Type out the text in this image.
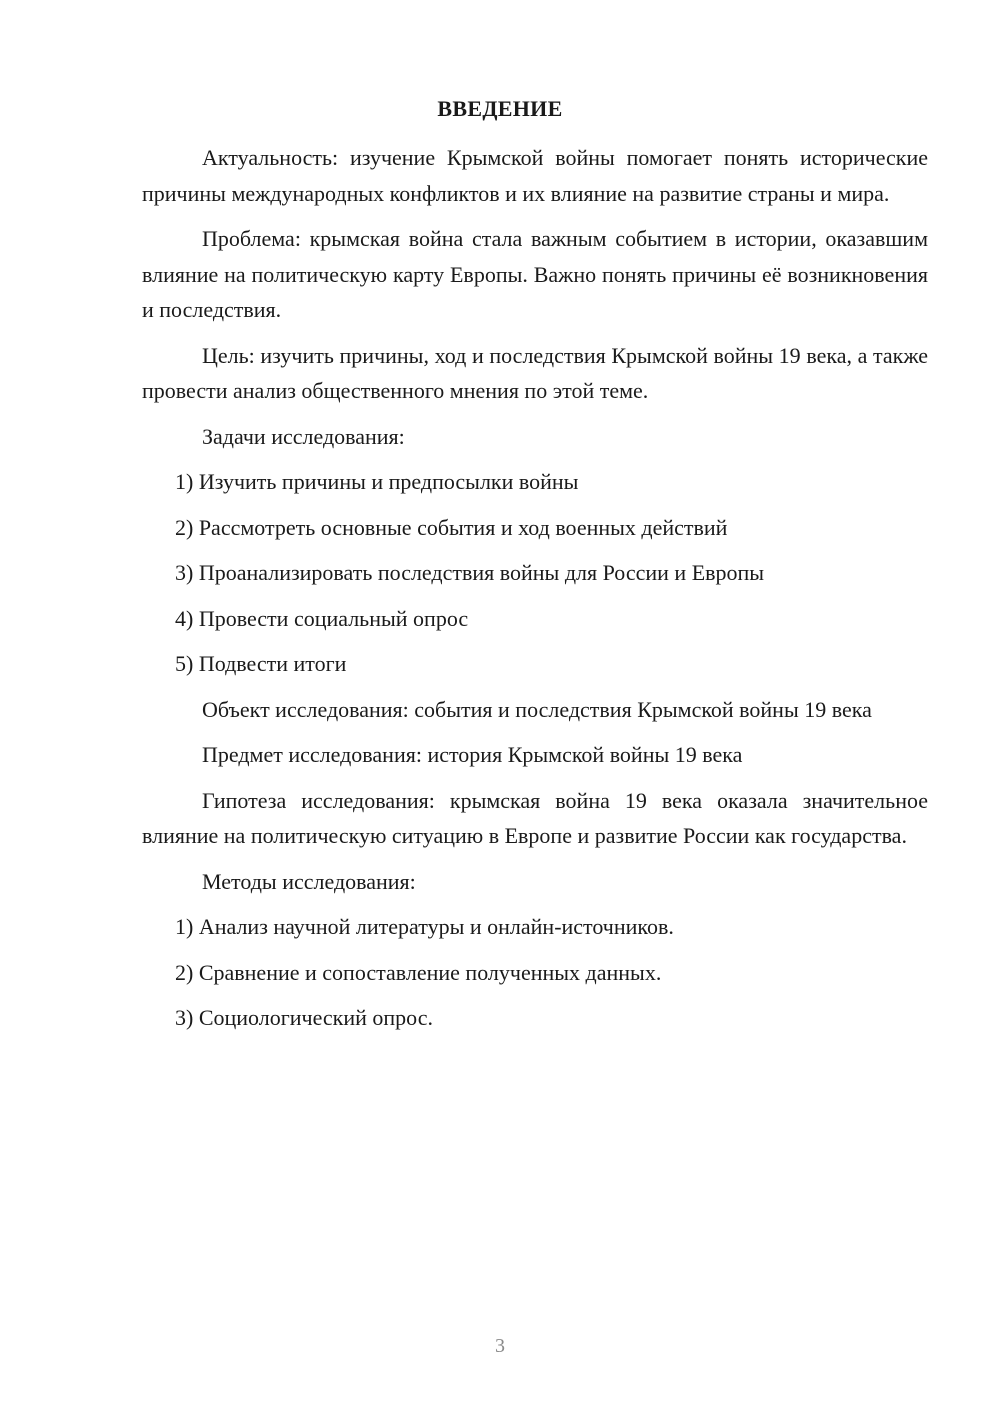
ВВЕДЕНИЕ

Актуальность: изучение Крымской войны помогает понять исторические причины международных конфликтов и их влияние на развитие страны и мира.

Проблема: крымская война стала важным событием в истории, оказавшим влияние на политическую карту Европы. Важно понять причины её возникновения и последствия.

Цель: изучить причины, ход и последствия Крымской войны 19 века, а также провести анализ общественного мнения по этой теме.

Задачи исследования:

1) Изучить причины и предпосылки войны

2) Рассмотреть основные события и ход военных действий

3) Проанализировать последствия войны для России и Европы

4) Провести социальный опрос

5) Подвести итоги

Объект исследования: события и последствия Крымской войны 19 века

Предмет исследования: история Крымской войны 19 века

Гипотеза исследования: крымская война 19 века оказала значительное влияние на политическую ситуацию в Европе и развитие России как государства.

Методы исследования:

1) Анализ научной литературы и онлайн-источников.

2) Сравнение и сопоставление полученных данных.

3) Социологический опрос.

3
